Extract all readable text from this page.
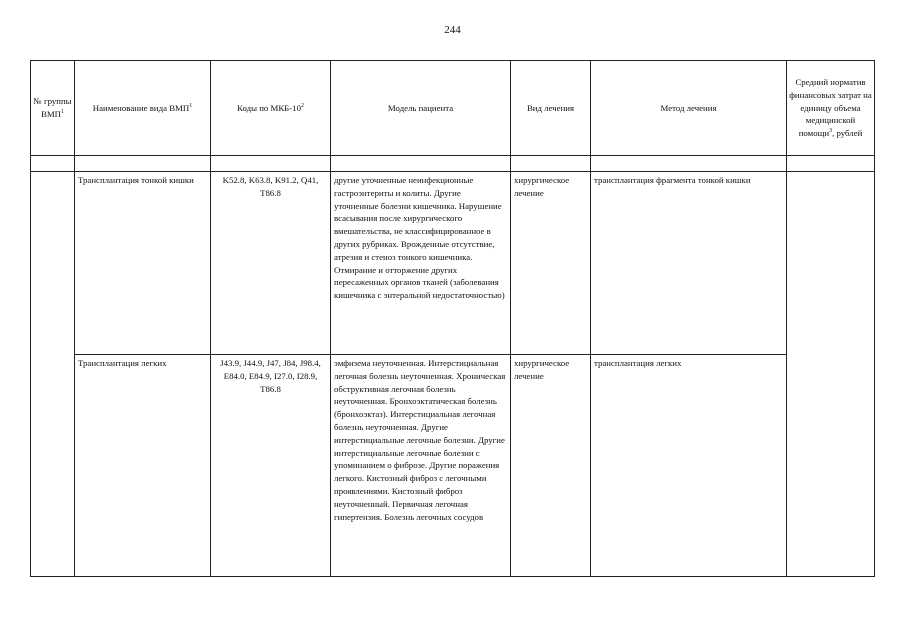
244
№ группы ВМП$^1$	Наименование вида ВМП$^1$	Коды по МКБ-$10^2$	Модель пациента	Вид лечения	Метод лечения	Средний норматив финансовых затрат на единицу объема медицинской помощи$^3$, рублей

	Трансплантация тонкой кишки	K52.8, K63.8, K91.2, Q41, T86.8	другие уточненные неинфекционные гастроэнтериты и колиты. Другие уточненные болезни кишечника. Нарушение всасывания после хирургического вмешательства, не классифицированное в других рубриках. Врожденные отсутствие, атрезия и стеноз тонкого кишечника. Отмирание и отторжение других пересаженных органов тканей (заболевания кишечника с энтеральной недостаточностью)	хирургическое лечение	трансплантация фрагмента тонкой кишки	
	Трансплантация легких	J43.9, J44.9, J47, J84, J98.4, E84.0, E84.9, I27.0, I28.9, T86.8	эмфизема неуточненная. Интерстициальная легочная болезнь неуточненная. Хроническая обструктивная легочная болезнь неуточненная. Бронхоэктатическая болезнь (бронхоэктаз). Интерстициальная легочная болезнь неуточненная. Другие интерстициальные легочные болезни. Другие интерстициальные легочные болезни с упоминанием о фиброзе. Другие поражения легкого. Кистозный фиброз с легочными проявлениями. Кистозный фиброз неуточненный. Первичная легочная гипертензия. Болезнь легочных сосудов	хирургическое лечение	трансплантация легких	
